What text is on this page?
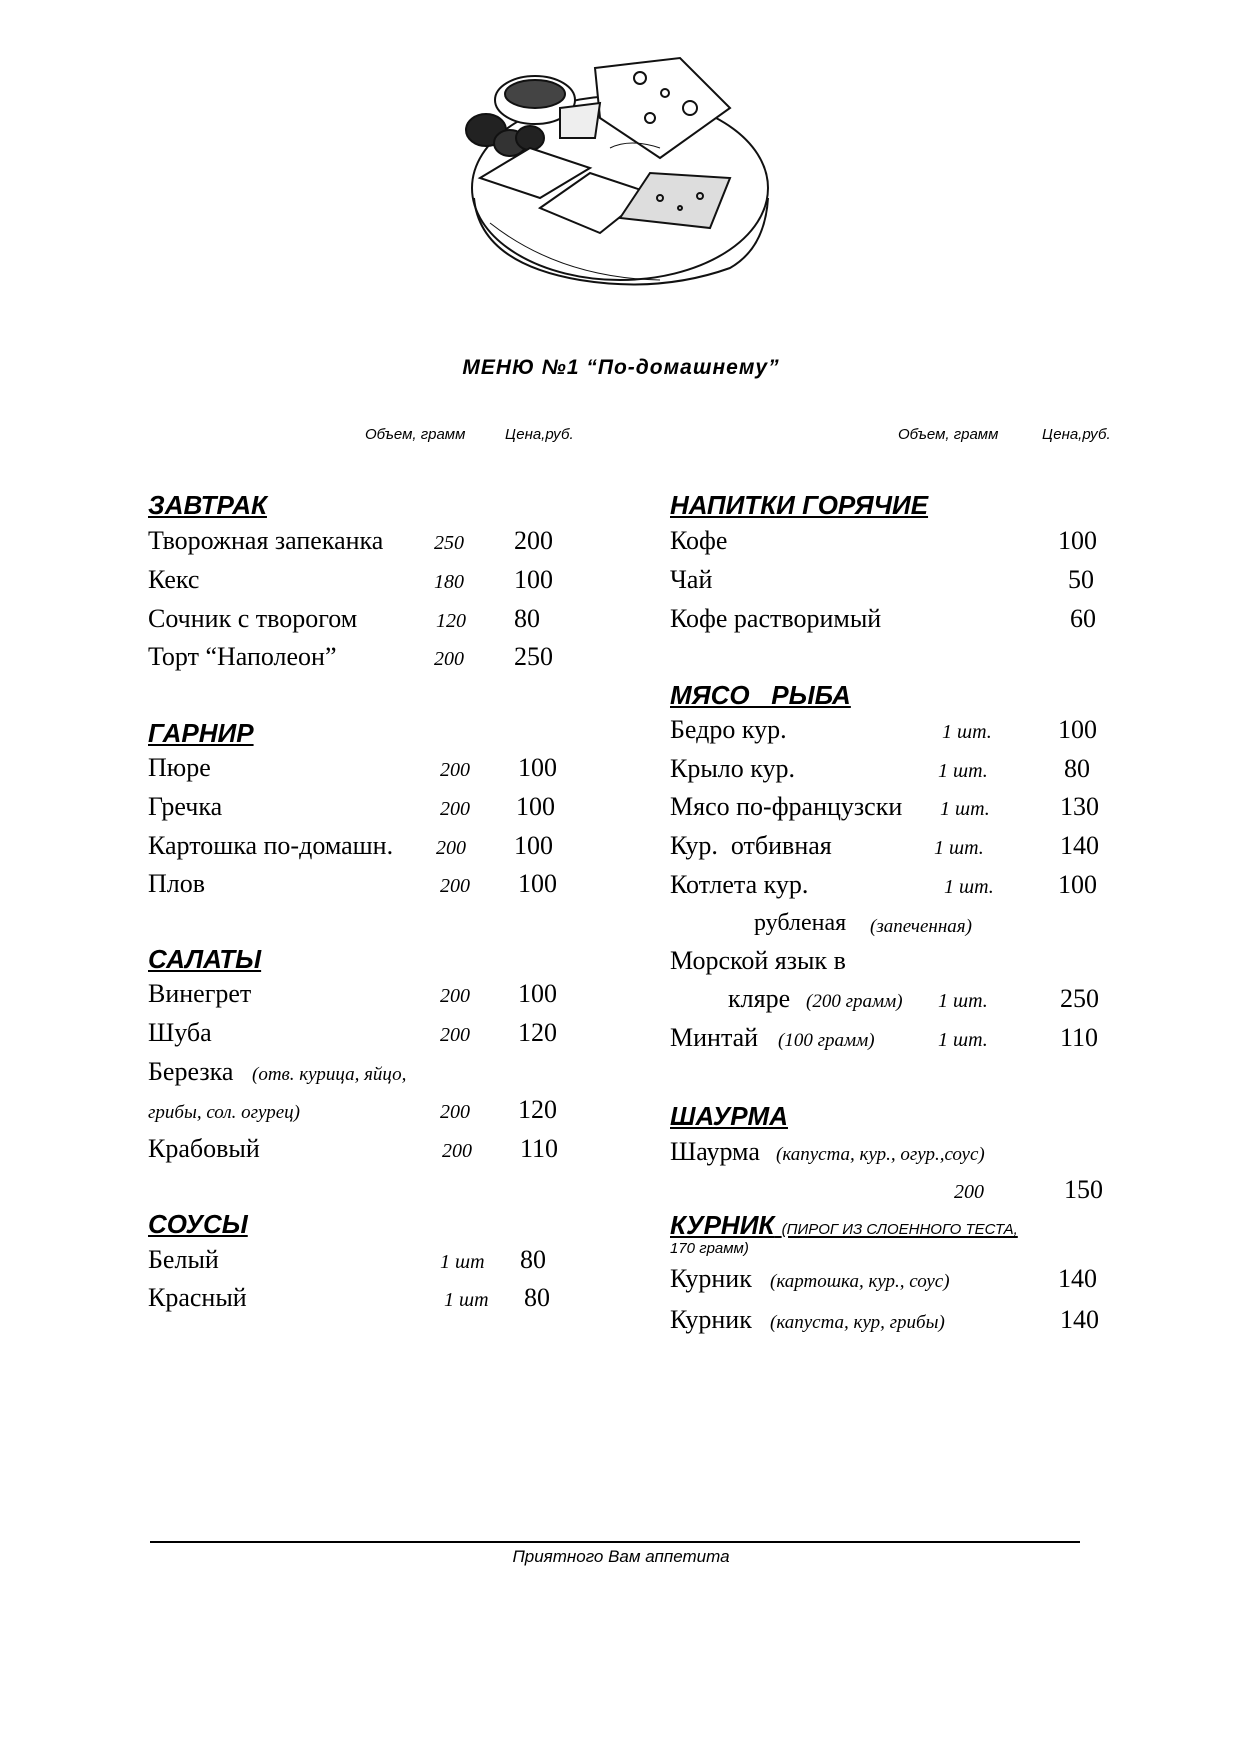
МЕНЮ №1 “По-домашнему”
Объем, грамм	Цена,руб.	Объем, грамм	Цена,руб.
ЗАВТРАК
Творожная запеканка	250 200
Кекс	180 100
Сочник с творогом	120 80
Торт “Наполеон”	200 250
ГАРНИР
Пюре	200 100
Гречка	200 100
Картошка по-домашн. 200 100
Плов	200 100
САЛАТЫ
Винегрет	200 100
Шуба	200 120
Березка (отв. курица, яйцо,
грибы, сол. огурец)	200 120
Крабовый	200 110
СОУСЫ
Белый	1 шт 80
Красный	1 шт 80
НАПИТКИ ГОРЯЧИЕ
Кофе	100
Чай	50
Кофе растворимый	60
МЯСО   РЫБА
Бедро кур.	1 шт.	100
Крыло кур.	1 шт.	80
Мясо по-французски 1 шт.	130
Кур.  отбивная	1 шт.	140
Котлета кур.	1 шт. 100
рубленая (запеченная)
Морской язык в
кляре (200 грамм) 1 шт.	250
Минтай (100 грамм)	1 шт.	110
ШАУРМА
Шаурма (капуста, кур., огур.,соус)
200	150
КУРНИК (ПИРОГ ИЗ СЛОЕННОГО ТЕСТА,
170 грамм)
Курник (картошка, кур., соус)	140
Курник (капуста, кур, грибы)	140
Приятного Вам аппетита
